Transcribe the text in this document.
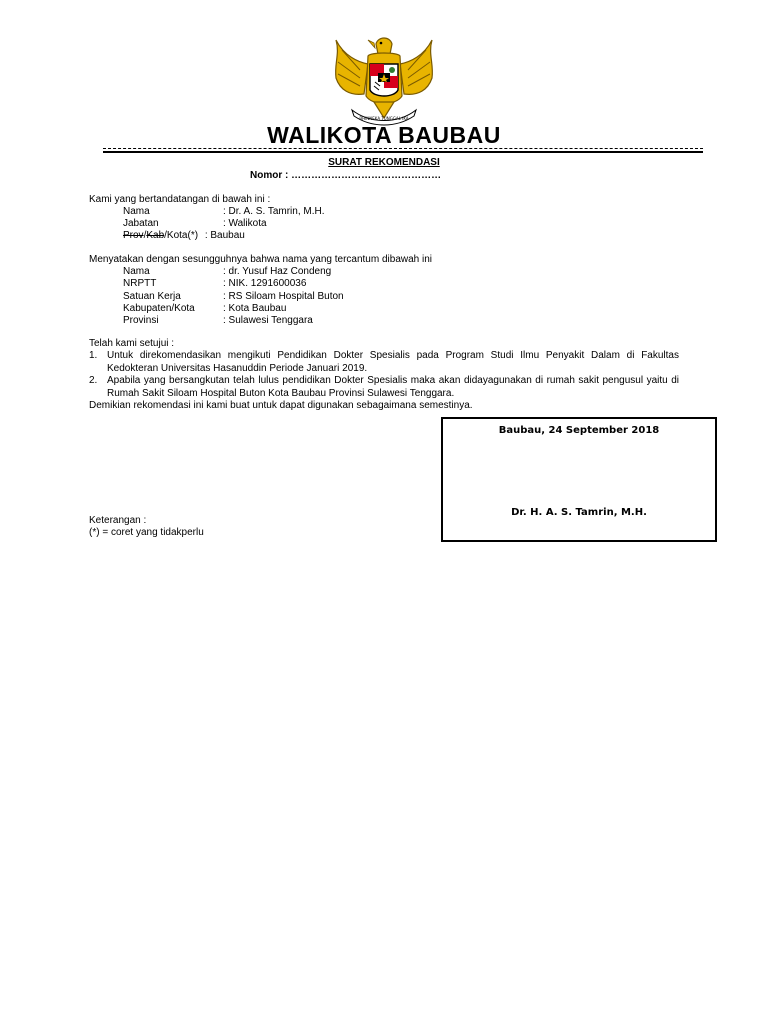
BHINNEKA TUNGGAL IKA
WALIKOTA BAUBAU
SURAT REKOMENDASI
Nomor : ………………………………………
Kami yang bertandatangan di bawah ini :
Nama	: Dr. A. S. Tamrin, M.H.
Jabatan	: Walikota
Prov/Kab/Kota(*) : Baubau
Menyatakan dengan sesungguhnya bahwa nama yang tercantum dibawah ini
Nama	: dr. Yusuf Haz Condeng
NRPTT	: NIK. 1291600036
Satuan Kerja	: RS Siloam Hospital Buton
Kabupaten/Kota	: Kota Baubau
Provinsi	: Sulawesi Tenggara
Telah kami setujui :
1. Untuk direkomendasikan mengikuti Pendidikan Dokter Spesialis pada Program Studi Ilmu Penyakit Dalam di Fakultas Kedokteran Universitas Hasanuddin Periode Januari 2019.
2. Apabila yang bersangkutan telah lulus pendidikan Dokter Spesialis maka akan didayagunakan di rumah sakit pengusul yaitu di Rumah Sakit Siloam Hospital Buton Kota Baubau Provinsi Sulawesi Tenggara.
Demikian rekomendasi ini kami buat untuk dapat digunakan sebagaimana semestinya.
Baubau, 24 September 2018
Dr. H. A. S. Tamrin, M.H.
Keterangan :
(*) = coret yang tidakperlu
